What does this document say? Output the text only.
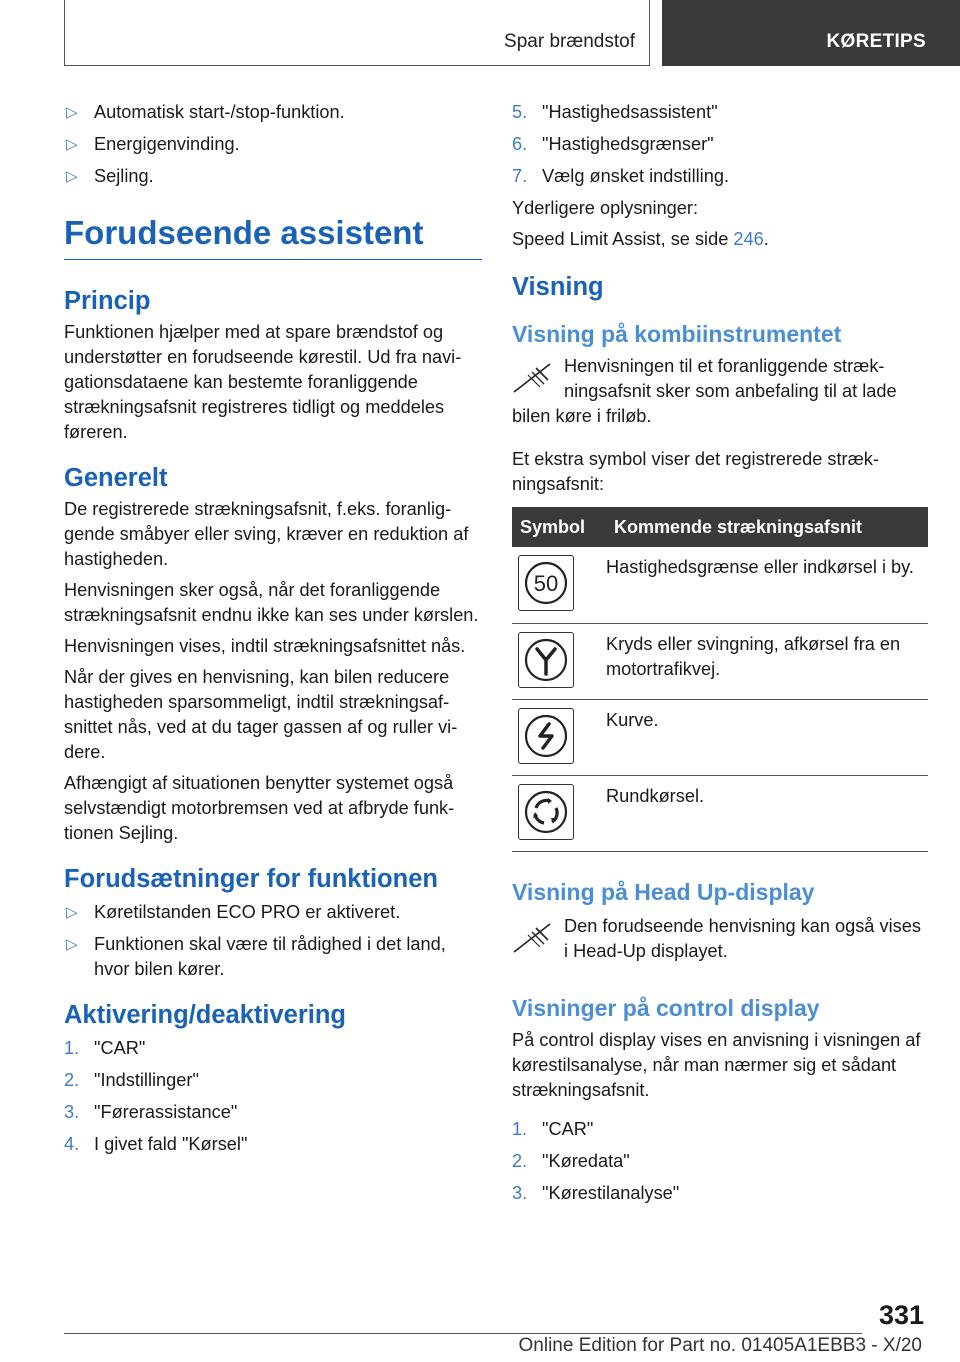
Spar brændstof	KØRETIPS
▷ Automatisk start-/stop-funktion.
▷ Energigenvinding.
▷ Sejling.
Forudseende assistent
Princip

Funktionen hjælper med at spare brændstof og understøtter en forudseende kørestil. Ud fra navigationsdataene kan bestemte foranliggende strækningsafsnit registreres tidligt og meddeles føreren.

Generelt

De registrerede strækningsafsnit, f.eks. foranliggende småbyer eller sving, kræver en reduktion af hastigheden.

Henvisningen sker også, når det foranliggende strækningsafsnit endnu ikke kan ses under kørslen.

Henvisningen vises, indtil strækningsafsnittet nås.

Når der gives en henvisning, kan bilen reducere hastigheden sparsommeligt, indtil strækningsafsnittet nås, ved at du tager gassen af og ruller videre.

Afhængigt af situationen benytter systemet også selvstændigt motorbremsen ved at afbryde funktionen Sejling.

Forudsætninger for funktionen
▷ Køretilstanden ECO PRO er aktiveret.
▷ Funktionen skal være til rådighed i det land, hvor bilen kører.
Aktivering/deaktivering
1. "CAR"
2. "Indstillinger"
3. "Førerassistance"
4. I givet fald "Kørsel"
5. "Hastighedsassistent"
6. "Hastighedsgrænser"
7. Vælg ønsket indstilling.

Yderligere oplysninger:

Speed Limit Assist, se side 246.

Visning
Visning på kombiinstrumentet
Henvisningen til et foranliggende strækningsafsnit sker som anbefaling til at lade
bilen køre i friløb.

Et ekstra symbol viser det registrerede strækningsafsnit:

Symbol	Kommende strækningsafsnit

50	Hastighedsgrænse eller indkørsel i by.

	Kryds eller svingning, afkørsel fra en motortrafikvej.

	Kurve.

	Rundkørsel.
Visning på Head Up-display
Den forudseende henvisning kan også vises i Head-Up displayet.
Visninger på control display

På control display vises en anvisning i visningen af kørestilsanalyse, når man nærmer sig et sådant strækningsafsnit.

1. "CAR"
2. "Køredata"
3. "Kørestilanalyse"
331
Online Edition for Part no. 01405A1EBB3 - X/20
